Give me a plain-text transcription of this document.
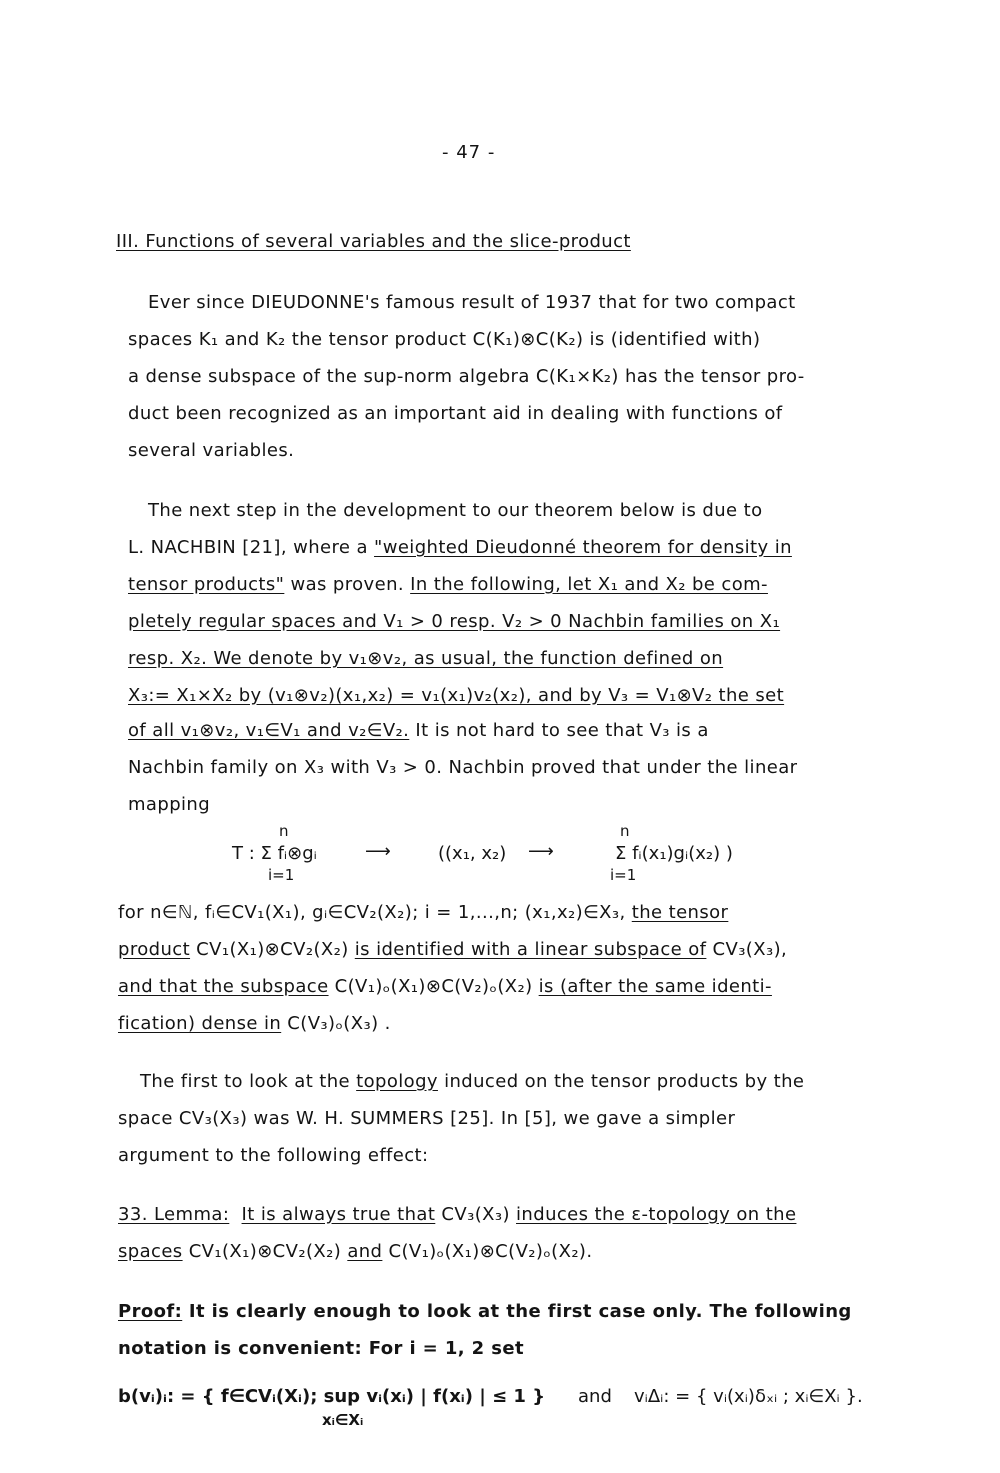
- 47 -
III. Functions of several variables and the slice-product
Ever since DIEUDONNE's famous result of 1937 that for two compact
spaces K₁ and K₂ the tensor product C(K₁)⊗C(K₂) is (identified with)
a dense subspace of the sup-norm algebra C(K₁×K₂) has the tensor pro-
duct been recognized as an important aid in dealing with functions of
several variables.
The next step in the development to our theorem below is due to
L. NACHBIN [21], where a "weighted Dieudonné theorem for density in
tensor products" was proven. In the following, let X₁ and X₂ be com-
pletely regular spaces and V₁ > 0 resp. V₂ > 0 Nachbin families on X₁
resp. X₂. We denote by v₁⊗v₂, as usual, the function defined on
X₃:= X₁×X₂ by (v₁⊗v₂)(x₁,x₂) = v₁(x₁)v₂(x₂), and by V₃ = V₁⊗V₂ the set
of all v₁⊗v₂, v₁∈V₁ and v₂∈V₂. It is not hard to see that V₃ is a
Nachbin family on X₃ with V₃ > 0. Nachbin proved that under the linear
mapping
n
T : Σ fᵢ⊗gᵢ
i=1
⟶	((x₁, x₂) ⟶
n
Σ fᵢ(x₁)gᵢ(x₂) )
i=1
for n∈ℕ, fᵢ∈CV₁(X₁), gᵢ∈CV₂(X₂); i = 1,...,n; (x₁,x₂)∈X₃, the tensor
product CV₁(X₁)⊗CV₂(X₂) is identified with a linear subspace of CV₃(X₃),
and that the subspace C(V₁)ₒ(X₁)⊗C(V₂)ₒ(X₂) is (after the same identi-
fication) dense in C(V₃)ₒ(X₃) .
The first to look at the topology induced on the tensor products by the
space CV₃(X₃) was W. H. SUMMERS [25]. In [5], we gave a simpler
argument to the following effect:
33. Lemma: It is always true that CV₃(X₃) induces the ε-topology on the
spaces CV₁(X₁)⊗CV₂(X₂) and C(V₁)ₒ(X₁)⊗C(V₂)ₒ(X₂).
Proof: It is clearly enough to look at the first case only. The following
notation is convenient: For i = 1, 2 set
b(vᵢ)ᵢ: = { f∈CVᵢ(Xᵢ); sup vᵢ(xᵢ) | f(xᵢ) | ≤ 1 }
xᵢ∈Xᵢ
and vᵢΔᵢ: = { vᵢ(xᵢ)δₓᵢ ; xᵢ∈Xᵢ }.
